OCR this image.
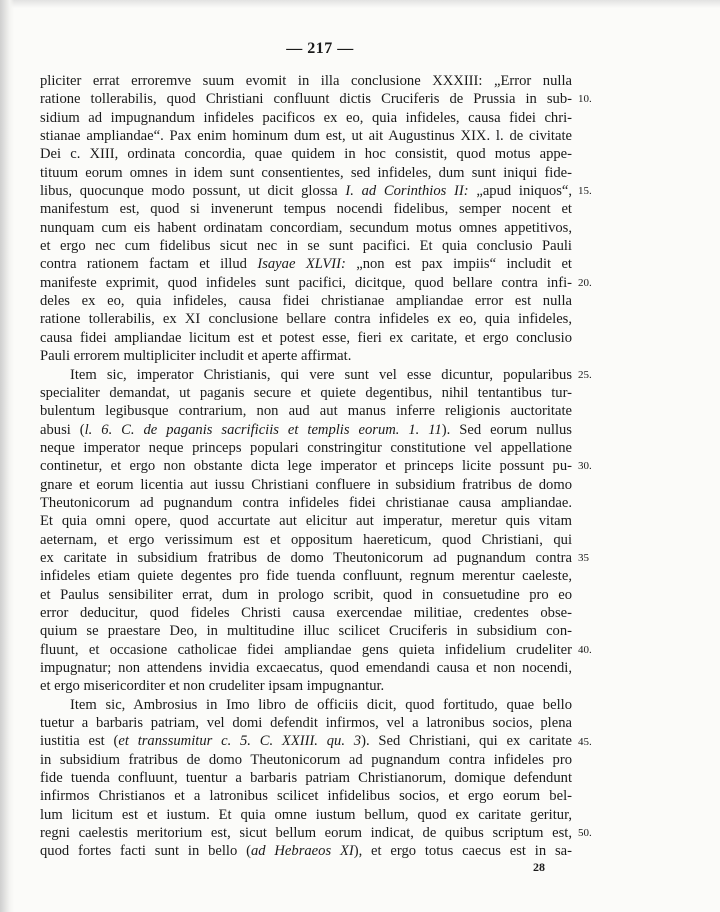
— 217 —
pliciter errat erroremve suum evomit in illa conclusione XXXIII: „Error nulla
ratione tollerabilis, quod Christiani confluunt dictis Cruciferis de Prussia in sub-
sidium ad impugnandum infideles pacificos ex eo, quia infideles, causa fidei chri-
stianae ampliandae“. Pax enim hominum dum est, ut ait Augustinus XIX. l. de civitate
Dei c. XIII, ordinata concordia, quae quidem in hoc consistit, quod motus appe-
tituum eorum omnes in idem sunt consentientes, sed infideles, dum sunt iniqui fide-
libus, quocunque modo possunt, ut dicit glossa I. ad Corinthios II: „apud iniquos“,
manifestum est, quod si invenerunt tempus nocendi fidelibus, semper nocent et
nunquam cum eis habent ordinatam concordiam, secundum motus omnes appetitivos,
et ergo nec cum fidelibus sicut nec in se sunt pacifici. Et quia conclusio Pauli
contra rationem factam et illud Isayae XLVII: „non est pax impiis“ includit et
manifeste exprimit, quod infideles sunt pacifici, dicitque, quod bellare contra infi-
deles ex eo, quia infideles, causa fidei christianae ampliandae error est nulla
ratione tollerabilis, ex XI conclusione bellare contra infideles ex eo, quia infideles,
causa fidei ampliandae licitum est et potest esse, fieri ex caritate, et ergo conclusio
Pauli errorem multipliciter includit et aperte affirmat.
Item sic, imperator Christianis, qui vere sunt vel esse dicuntur, popularibus
specialiter demandat, ut paganis secure et quiete degentibus, nihil tentantibus tur-
bulentum legibusque contrarium, non aud aut manus inferre religionis auctoritate
abusi (l. 6. C. de paganis sacrificiis et templis eorum. 1. 11). Sed eorum nullus
neque imperator neque princeps populari constringitur constitutione vel appellatione
continetur, et ergo non obstante dicta lege imperator et princeps licite possunt pu-
gnare et eorum licentia aut iussu Christiani confluere in subsidium fratribus de domo
Theutonicorum ad pugnandum contra infideles fidei christianae causa ampliandae.
Et quia omni opere, quod accurtate aut elicitur aut imperatur, meretur quis vitam
aeternam, et ergo verissimum est et oppositum haereticum, quod Christiani, qui
ex caritate in subsidium fratribus de domo Theutonicorum ad pugnandum contra
infideles etiam quiete degentes pro fide tuenda confluunt, regnum merentur caeleste,
et Paulus sensibiliter errat, dum in prologo scribit, quod in consuetudine pro eo
error deducitur, quod fideles Christi causa exercendae militiae, credentes obse-
quium se praestare Deo, in multitudine illuc scilicet Cruciferis in subsidium con-
fluunt, et occasione catholicae fidei ampliandae gens quieta infidelium crudeliter
impugnatur; non attendens invidia excaecatus, quod emendandi causa et non nocendi,
et ergo misericorditer et non crudeliter ipsam impugnantur.
Item sic, Ambrosius in Imo libro de officiis dicit, quod fortitudo, quae bello
tuetur a barbaris patriam, vel domi defendit infirmos, vel a latronibus socios, plena
iustitia est (et transsumitur c. 5. C. XXIII. qu. 3). Sed Christiani, qui ex caritate
in subsidium fratribus de domo Theutonicorum ad pugnandum contra infideles pro
fide tuenda confluunt, tuentur a barbaris patriam Christianorum, domique defendunt
infirmos Christianos et a latronibus scilicet infidelibus socios, et ergo eorum bel-
lum licitum est et iustum. Et quia omne iustum bellum, quod ex caritate geritur,
regni caelestis meritorium est, sicut bellum eorum indicat, de quibus scriptum est,
quod fortes facti sunt in bello (ad Hebraeos XI), et ergo totus caecus est in sa-
10.
15.
20.
25.
30.
35
40.
45.
50.
28
